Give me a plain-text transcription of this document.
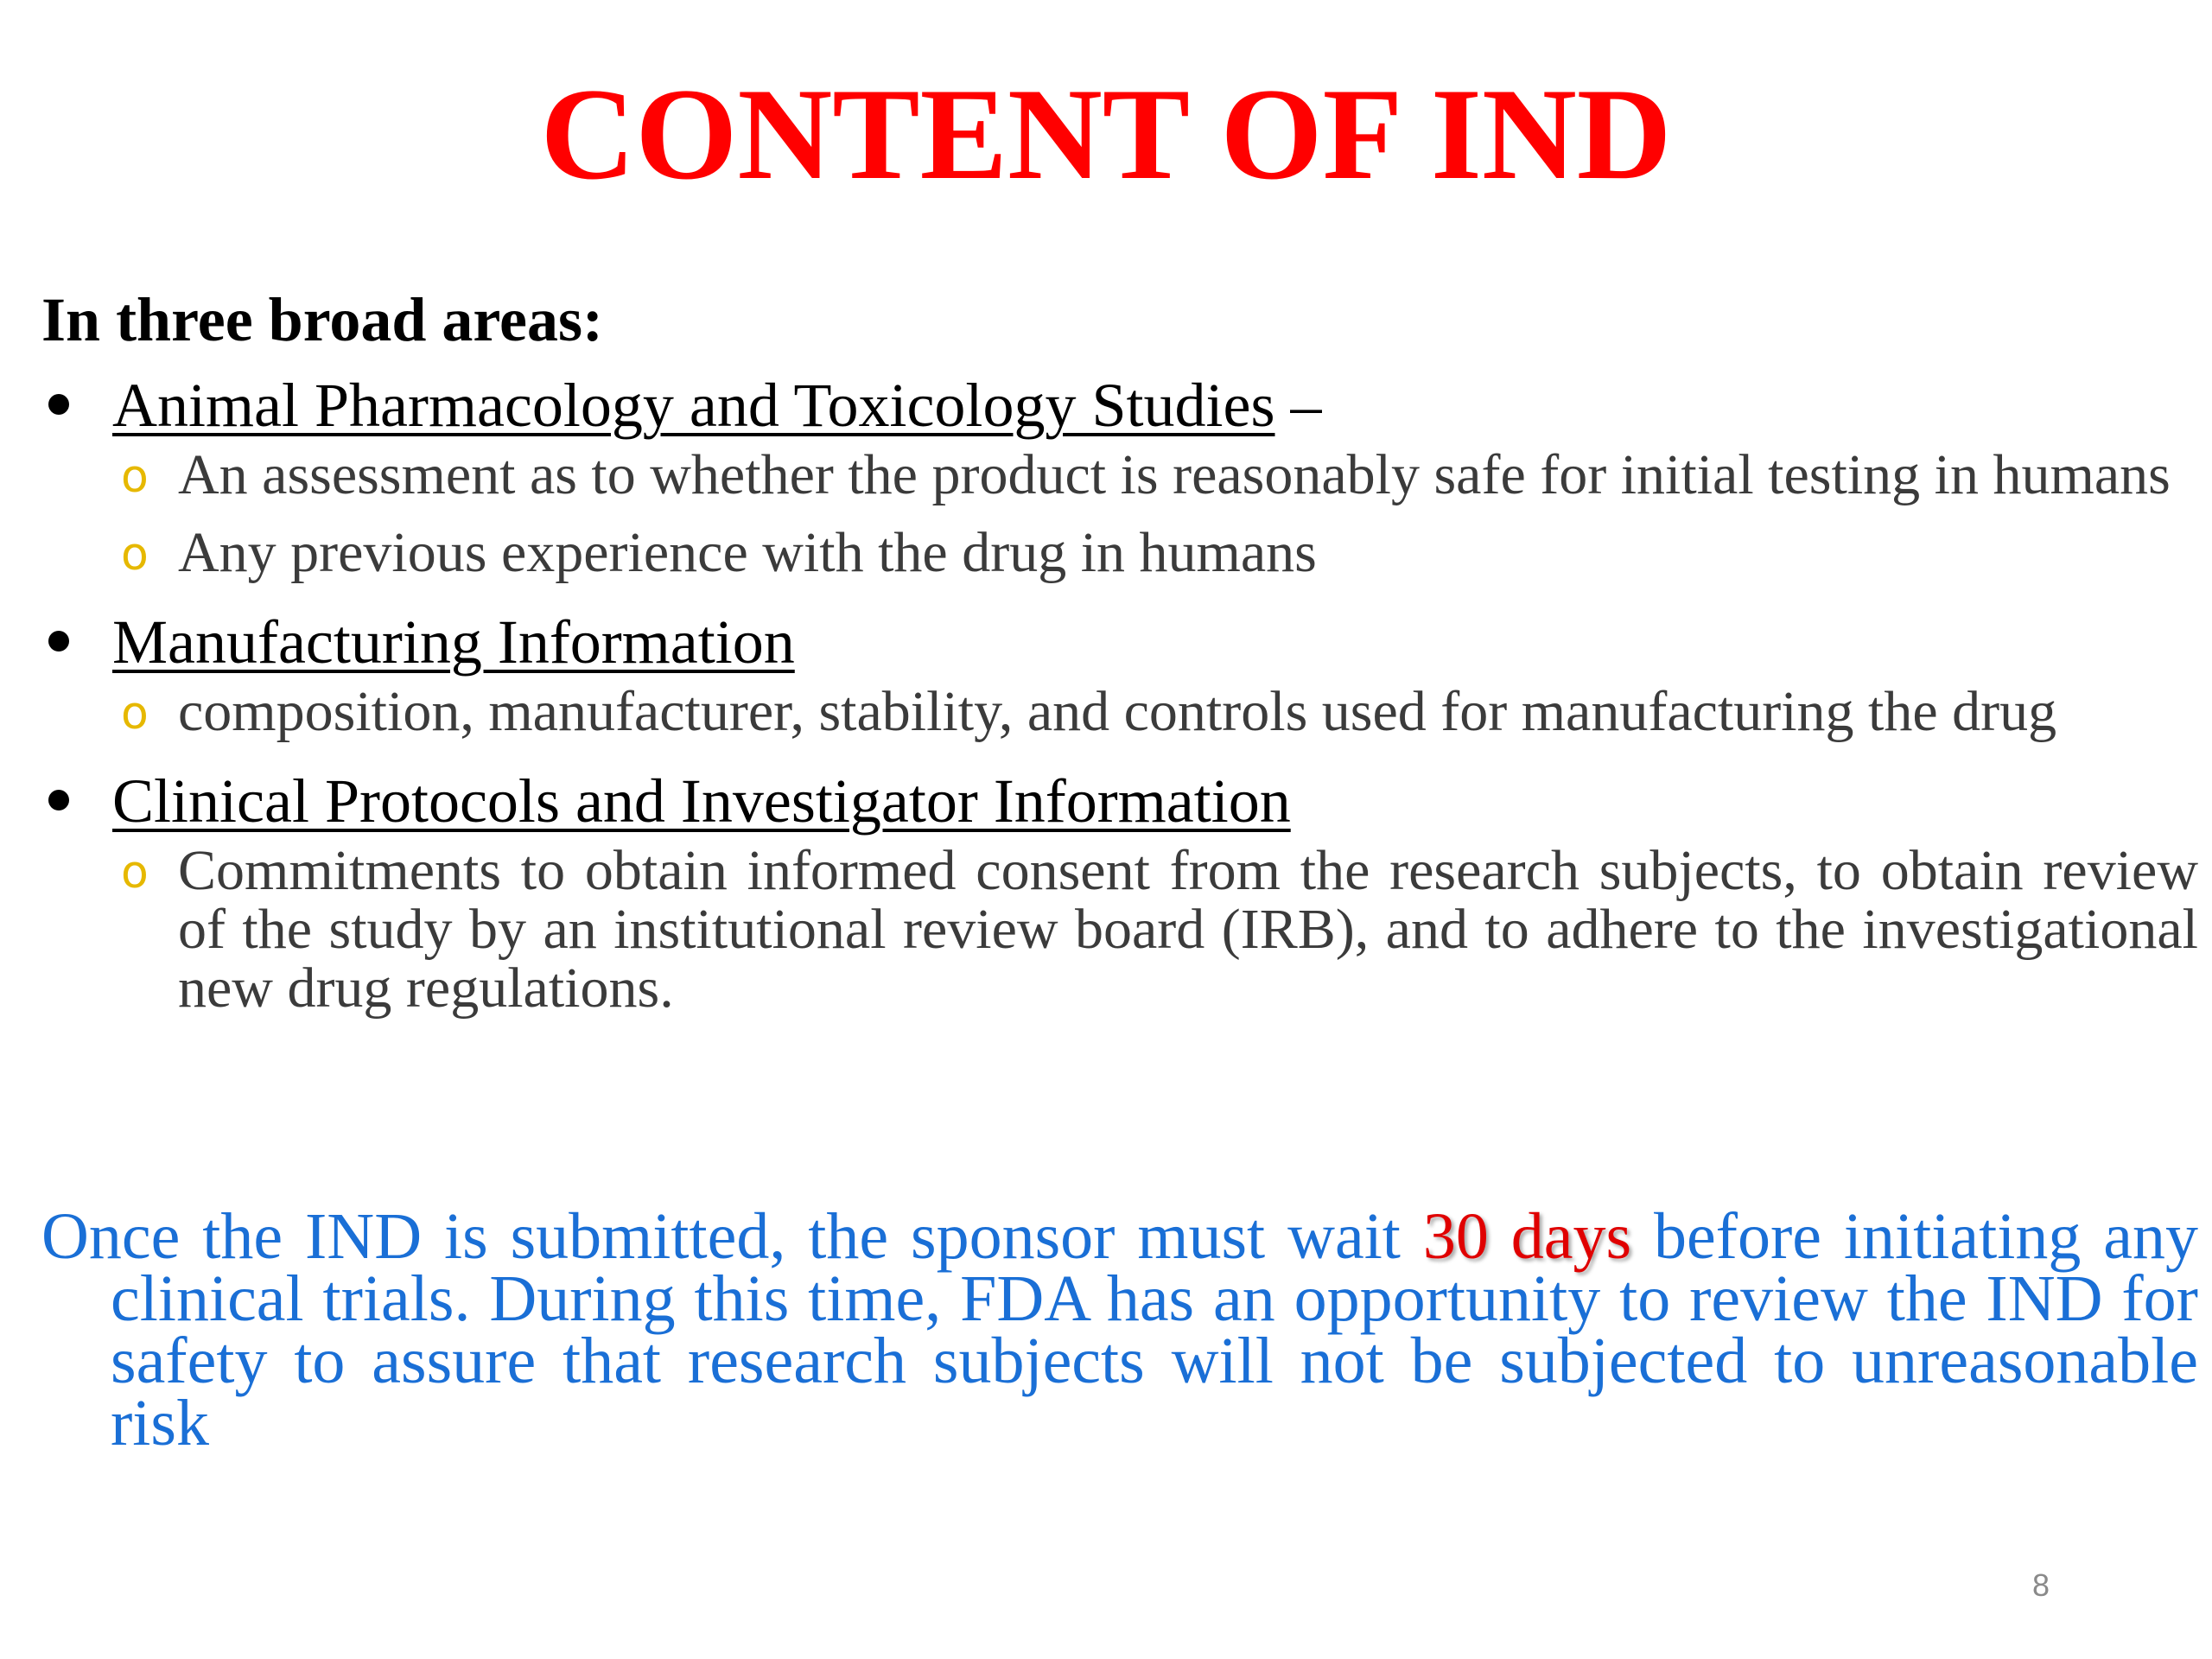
CONTENT OF IND

In three broad areas:

Animal Pharmacology and Toxicology Studies –
o An assessment as to whether the product is reasonably safe for initial testing in humans
o Any previous experience with the drug in humans
Manufacturing Information
o composition, manufacturer, stability, and controls used for manufacturing the drug
Clinical Protocols and Investigator Information
o Commitments to obtain informed consent from the research subjects, to obtain review of the study by an institutional review board (IRB), and to adhere to the investigational new drug regulations.
Once the IND is submitted, the sponsor must wait 30 days before initiating any clinical trials. During this time, FDA has an opportunity to review the IND for safety to assure that research subjects will not be subjected to unreasonable risk
8
